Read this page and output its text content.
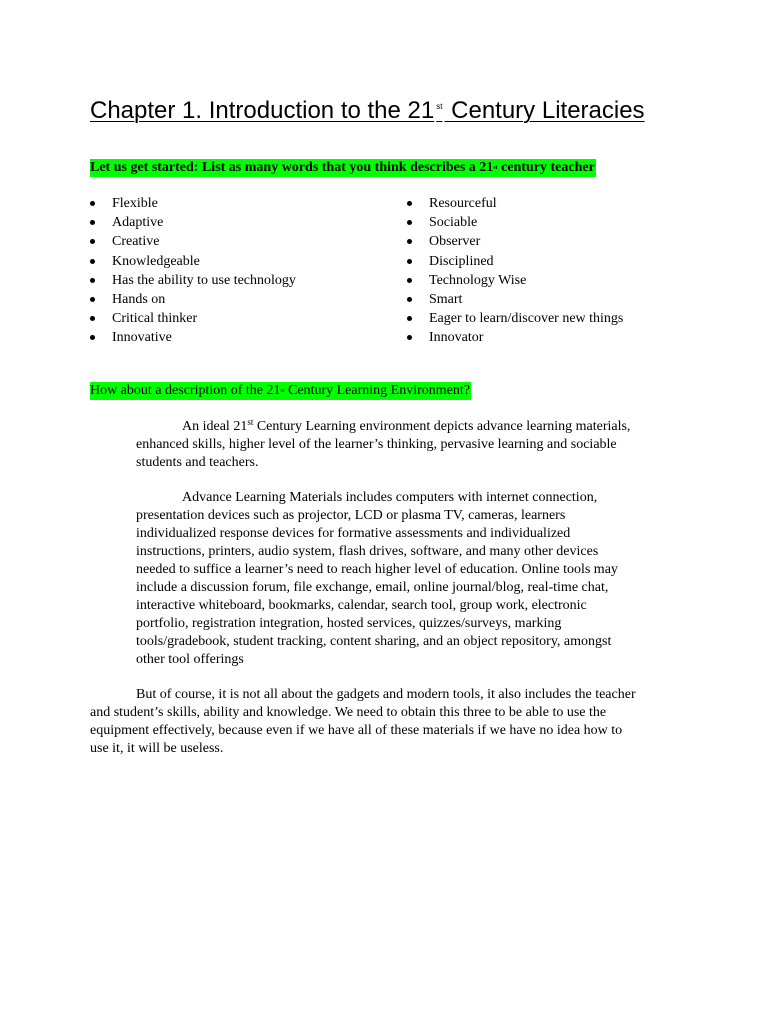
Chapter 1. Introduction to the 21 $^{st}$ Century Literacies
Let us get started: List as many words that you think describes a 21st century teacher
Flexible
Adaptive
Creative
Knowledgeable
Has the ability to use technology
Hands on
Critical thinker
Innovative
Resourceful
Sociable
Observer
Disciplined
Technology Wise
Smart
Eager to learn/discover new things
Innovator
How about a description of the 21st Century Learning Environment?
An ideal 21st Century Learning environment depicts advance learning materials,
enhanced skills, higher level of the learner’s thinking, pervasive learning and sociable
students and teachers.
Advance Learning Materials includes computers with internet connection,
presentation devices such as projector, LCD or plasma TV, cameras, learners
individualized response devices for formative assessments and individualized
instructions, printers, audio system, flash drives, software, and many other devices
needed to suffice a learner’s need to reach higher level of education. Online tools may
include a discussion forum, file exchange, email, online journal/blog, real-time chat,
interactive whiteboard, bookmarks, calendar, search tool, group work, electronic
portfolio, registration integration, hosted services, quizzes/surveys, marking
tools/gradebook, student tracking, content sharing, and an object repository, amongst
other tool offerings
But of course, it is not all about the gadgets and modern tools, it also includes the teacher
and student’s skills, ability and knowledge. We need to obtain this three to be able to use the
equipment effectively, because even if we have all of these materials if we have no idea how to
use it, it will be useless.
